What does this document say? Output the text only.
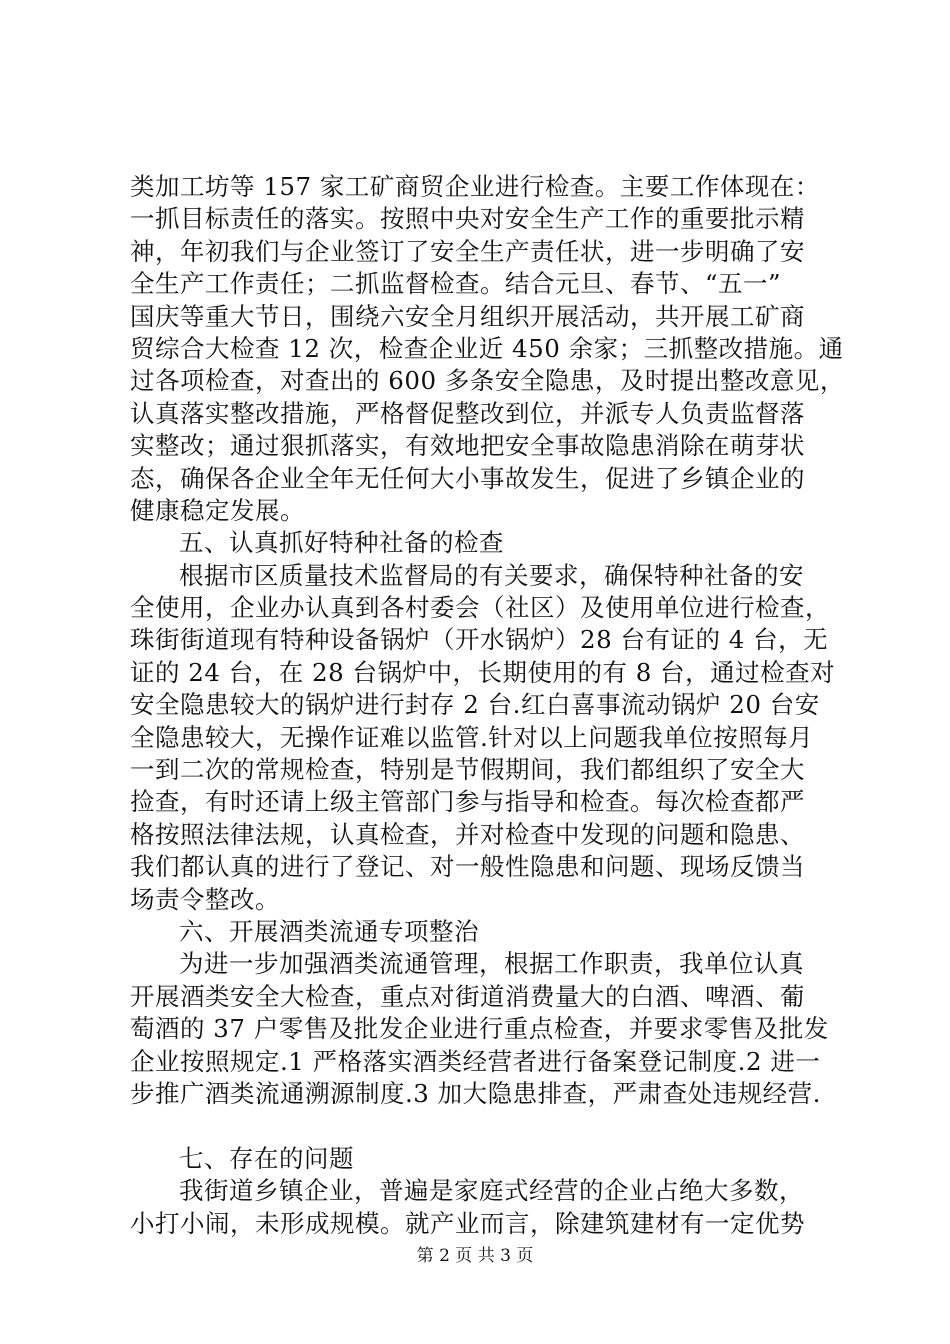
类加工坊等 157 家工矿商贸企业进行检查。主要工作体现在：
一抓目标责任的落实。按照中央对安全生产工作的重要批示精
神，年初我们与企业签订了安全生产责任状，进一步明确了安
全生产工作责任；二抓监督检查。结合元旦、春节、“五一”
国庆等重大节日，围绕六安全月组织开展活动，共开展工矿商
贸综合大检查 12 次，检查企业近 450 余家；三抓整改措施。通
过各项检查，对查出的 600 多条安全隐患，及时提出整改意见，
认真落实整改措施，严格督促整改到位，并派专人负责监督落
实整改；通过狠抓落实，有效地把安全事故隐患消除在萌芽状
态，确保各企业全年无任何大小事故发生，促进了乡镇企业的
健康稳定发展。
五、认真抓好特种社备的检查
根据市区质量技术监督局的有关要求，确保特种社备的安
全使用，企业办认真到各村委会（社区）及使用单位进行检查，
珠街街道现有特种设备锅炉（开水锅炉）28 台有证的 4 台，无
证的 24 台，在 28 台锅炉中，长期使用的有 8 台，通过检查对
安全隐患较大的锅炉进行封存 2 台.红白喜事流动锅炉 20 台安
全隐患较大，无操作证难以监管.针对以上问题我单位按照每月
一到二次的常规检查，特别是节假期间，我们都组织了安全大
捡查，有时还请上级主管部门参与指导和检查。每次检查都严
格按照法律法规，认真检查，并对检查中发现的问题和隐患、
我们都认真的进行了登记、对一般性隐患和问题、现场反馈当
场责令整改。
六、开展酒类流通专项整治
为进一步加强酒类流通管理，根据工作职责，我单位认真
开展酒类安全大检查，重点对街道消费量大的白酒、啤酒、葡
萄酒的 37 户零售及批发企业进行重点检查，并要求零售及批发
企业按照规定.1 严格落实酒类经营者进行备案登记制度.2 进一
步推广酒类流通溯源制度.3 加大隐患排查，严肃查处违规经营.
七、存在的问题
我街道乡镇企业，普遍是家庭式经营的企业占绝大多数，
小打小闹，未形成规模。就产业而言，除建筑建材有一定优势
第 2 页 共 3 页
